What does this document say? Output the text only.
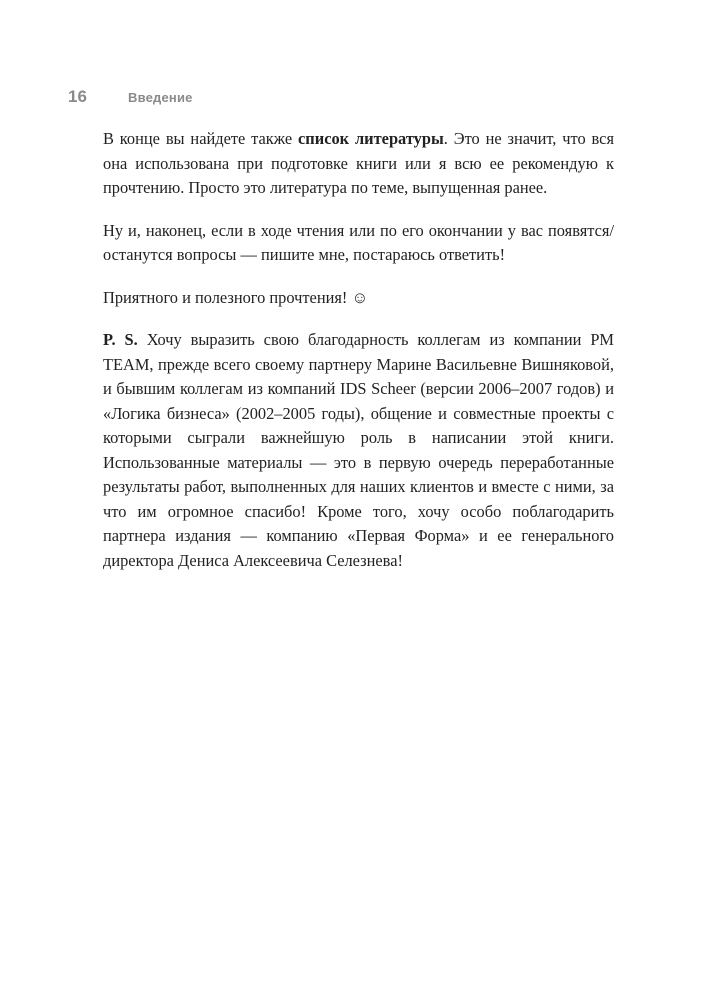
16	Введение

В конце вы найдете также список литературы. Это не значит, что вся она использована при подготовке книги или я всю ее рекомендую к прочтению. Просто это литература по теме, выпущенная ранее.

Ну и, наконец, если в ходе чтения или по его окончании у вас появятся/останутся вопросы — пишите мне, постараюсь ответить!

Приятного и полезного прочтения! ☺

P. S. Хочу выразить свою благодарность коллегам из компании PM TEAM, прежде всего своему партнеру Марине Васильевне Вишняковой, и бывшим коллегам из компаний IDS Scheer (версии 2006–2007 годов) и «Логика бизнеса» (2002–2005 годы), общение и совместные проекты с которыми сыграли важнейшую роль в написании этой книги. Использованные материалы — это в первую очередь переработанные результаты работ, выполненных для наших клиентов и вместе с ними, за что им огромное спасибо! Кроме того, хочу особо поблагодарить партнера издания — компанию «Первая Форма» и ее генерального директора Дениса Алексеевича Селезнева!
